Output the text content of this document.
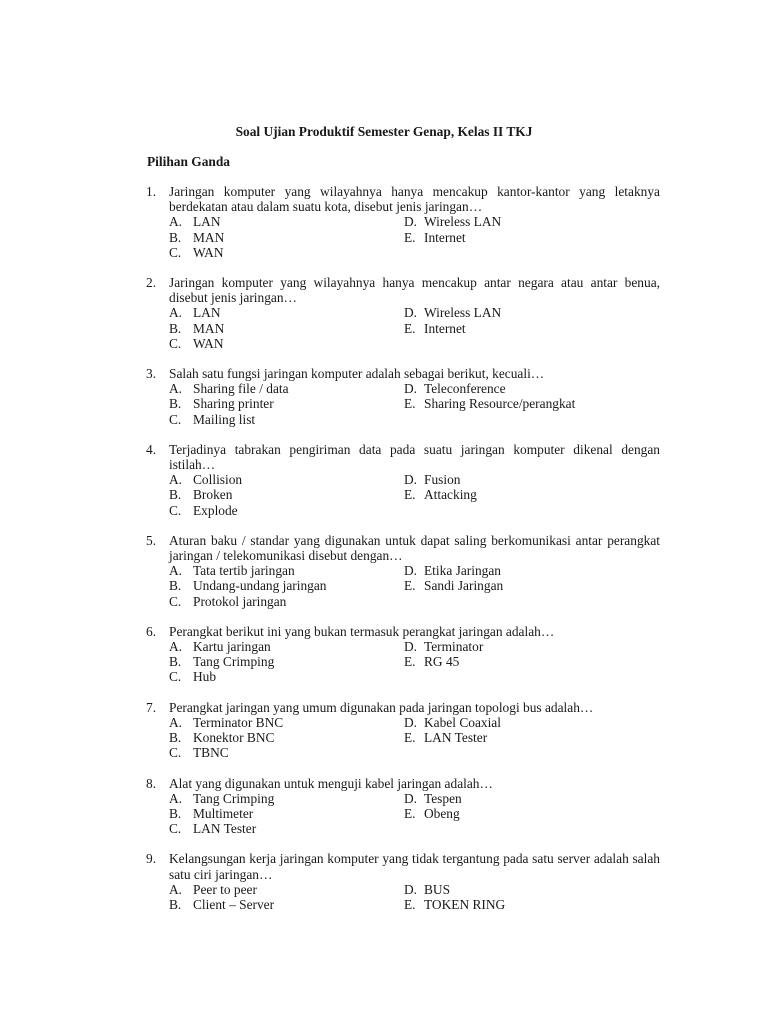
Soal Ujian Produktif Semester Genap, Kelas II TKJ
Pilihan Ganda
1. Jaringan komputer yang wilayahnya hanya mencakup kantor-kantor yang letaknya berdekatan atau dalam suatu kota, disebut jenis jaringan…
A. LAN	D. Wireless LAN
B. MAN	E. Internet
C. WAN
2. Jaringan komputer yang wilayahnya hanya mencakup antar negara atau antar benua, disebut jenis jaringan…
A. LAN	D. Wireless LAN
B. MAN	E. Internet
C. WAN
3. Salah satu fungsi jaringan komputer adalah sebagai berikut, kecuali…
A. Sharing file / data	D. Teleconference
B. Sharing printer	E. Sharing Resource/perangkat
C. Mailing list
4. Terjadinya tabrakan pengiriman data pada suatu jaringan komputer dikenal dengan istilah…
A. Collision	D. Fusion
B. Broken	E. Attacking
C. Explode
5. Aturan baku / standar yang digunakan untuk dapat saling berkomunikasi antar perangkat jaringan / telekomunikasi disebut dengan…
A. Tata tertib jaringan	D. Etika Jaringan
B. Undang-undang jaringan	E. Sandi Jaringan
C. Protokol jaringan
6. Perangkat berikut ini yang bukan termasuk perangkat jaringan adalah…
A. Kartu jaringan	D. Terminator
B. Tang Crimping	E. RG 45
C. Hub
7. Perangkat jaringan yang umum digunakan pada jaringan topologi bus adalah…
A. Terminator BNC	D. Kabel Coaxial
B. Konektor BNC	E. LAN Tester
C. TBNC
8. Alat yang digunakan untuk menguji kabel jaringan adalah…
A. Tang Crimping	D. Tespen
B. Multimeter	E. Obeng
C. LAN Tester
9. Kelangsungan kerja jaringan komputer yang tidak tergantung pada satu server adalah salah satu ciri jaringan…
A. Peer to peer	D. BUS
B. Client – Server	E. TOKEN RING
